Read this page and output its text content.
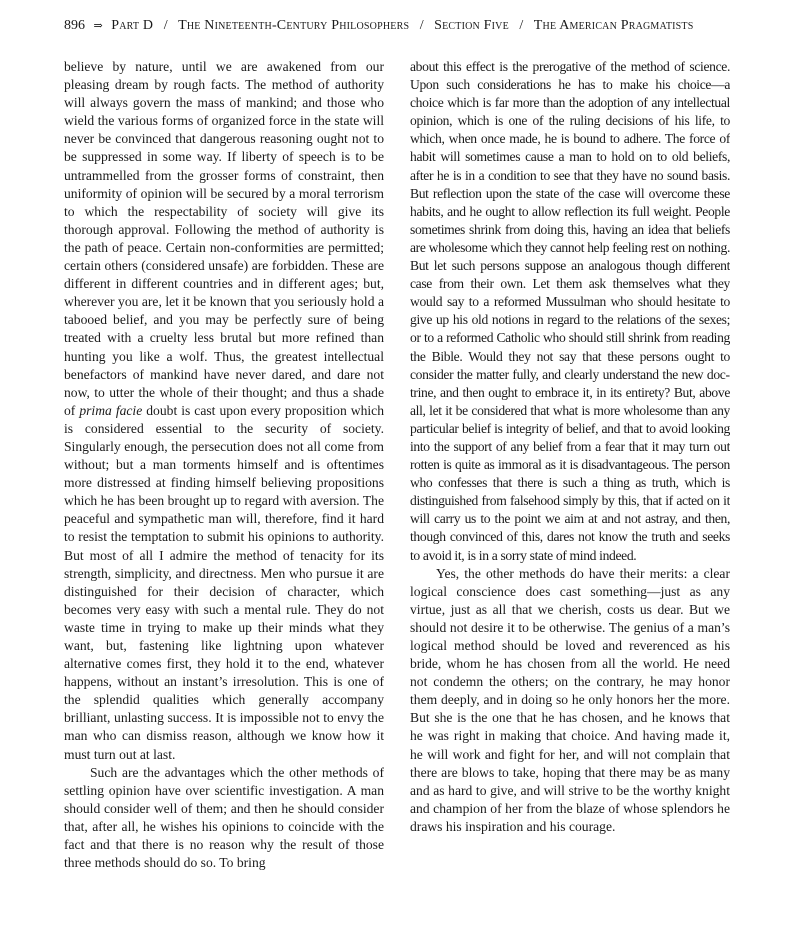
896 ⇒ Part D / The Nineteenth-Century Philosophers / Section Five / The American Pragmatists

believe by nature, until we are awakened from our pleasing dream by rough facts. The method of authority will always govern the mass of mankind; and those who wield the various forms of organized force in the state will never be convinced that dangerous reasoning ought not to be suppressed in some way. If liberty of speech is to be untrammelled from the grosser forms of constraint, then uniformity of opinion will be secured by a moral terrorism to which the respectability of society will give its thorough approval. Following the method of authority is the path of peace. Certain non-conformities are permitted; certain others (considered unsafe) are forbidden. These are different in different countries and in different ages; but, wherever you are, let it be known that you seriously hold a tabooed belief, and you may be perfectly sure of being treated with a cruelty less brutal but more refined than hunting you like a wolf. Thus, the greatest intellectual benefactors of mankind have never dared, and dare not now, to utter the whole of their thought; and thus a shade of prima facie doubt is cast upon every proposition which is considered essential to the security of society. Singularly enough, the persecution does not all come from without; but a man torments himself and is oftentimes more distressed at finding himself believing propositions which he has been brought up to regard with aversion. The peaceful and sympathetic man will, therefore, find it hard to resist the temptation to submit his opinions to authority. But most of all I admire the method of tenacity for its strength, simplicity, and directness. Men who pursue it are distinguished for their decision of character, which becomes very easy with such a mental rule. They do not waste time in trying to make up their minds what they want, but, fastening like lightning upon whatever alternative comes first, they hold it to the end, whatever happens, without an instant’s irresolution. This is one of the splendid qualities which generally accompany brilliant, unlasting success. It is impossible not to envy the man who can dismiss reason, although we know how it must turn out at last.

Such are the advantages which the other methods of settling opinion have over scientific investigation. A man should consider well of them; and then he should consider that, after all, he wishes his opinions to coincide with the fact and that there is no reason why the result of those three methods should do so. To bring

about this effect is the prerogative of the method of science. Upon such considerations he has to make his choice—a choice which is far more than the adoption of any intellectual opinion, which is one of the ruling decisions of his life, to which, when once made, he is bound to adhere. The force of habit will sometimes cause a man to hold on to old beliefs, after he is in a condition to see that they have no sound basis. But reflection upon the state of the case will overcome these habits, and he ought to allow reflection its full weight. People sometimes shrink from doing this, having an idea that beliefs are wholesome which they cannot help feeling rest on nothing. But let such persons suppose an analogous though different case from their own. Let them ask themselves what they would say to a reformed Mussulman who should hesitate to give up his old notions in regard to the relations of the sexes; or to a reformed Catholic who should still shrink from reading the Bible. Would they not say that these persons ought to consider the matter fully, and clearly understand the new doctrine, and then ought to embrace it, in its entirety? But, above all, let it be considered that what is more wholesome than any particular belief is integrity of belief, and that to avoid looking into the support of any belief from a fear that it may turn out rotten is quite as immoral as it is disadvantageous. The person who confesses that there is such a thing as truth, which is distinguished from falsehood simply by this, that if acted on it will carry us to the point we aim at and not astray, and then, though convinced of this, dares not know the truth and seeks to avoid it, is in a sorry state of mind indeed.

Yes, the other methods do have their merits: a clear logical conscience does cast something—just as any virtue, just as all that we cherish, costs us dear. But we should not desire it to be otherwise. The genius of a man’s logical method should be loved and reverenced as his bride, whom he has chosen from all the world. He need not condemn the others; on the contrary, he may honor them deeply, and in doing so he only honors her the more. But she is the one that he has chosen, and he knows that he was right in making that choice. And having made it, he will work and fight for her, and will not complain that there are blows to take, hoping that there may be as many and as hard to give, and will strive to be the worthy knight and champion of her from the blaze of whose splendors he draws his inspiration and his courage.
